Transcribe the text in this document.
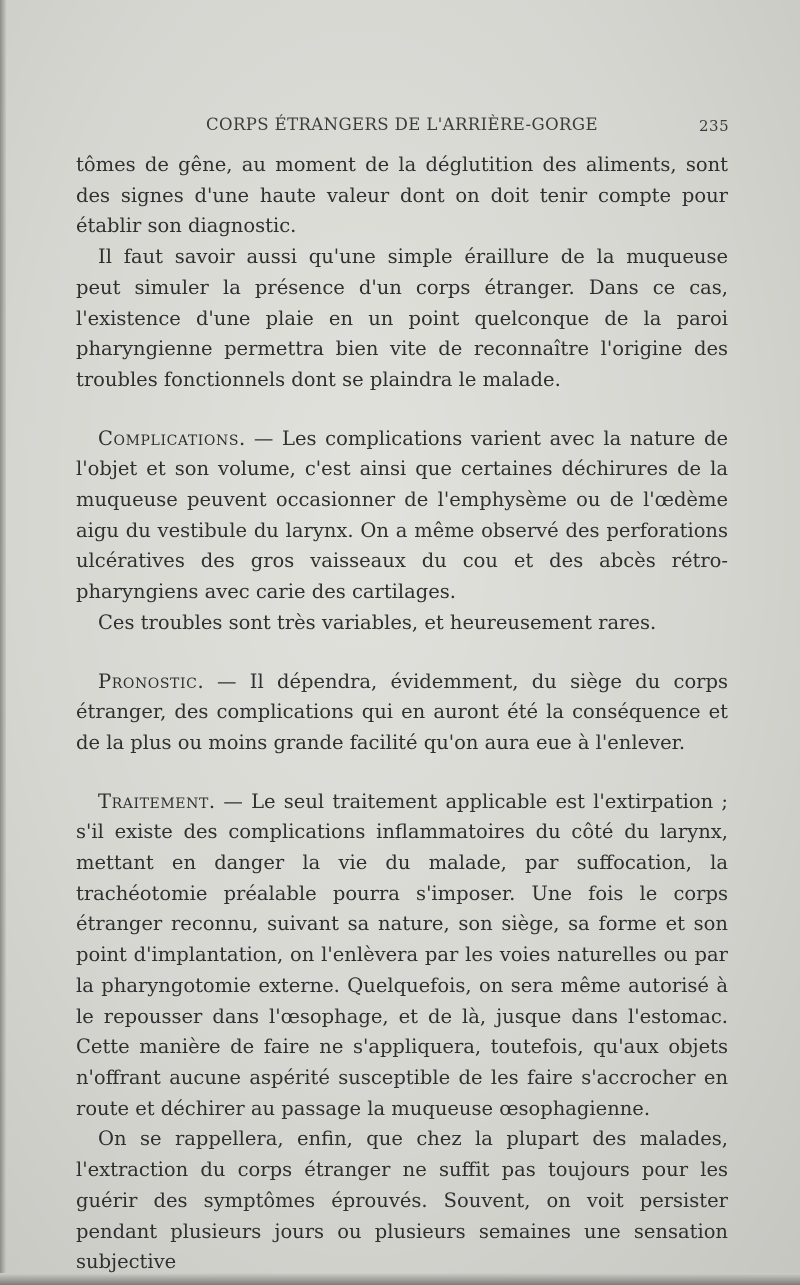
CORPS ÉTRANGERS DE L'ARRIÈRE-GORGE	235

tômes de gêne, au moment de la déglutition des aliments, sont des signes d'une haute valeur dont on doit tenir compte pour établir son diagnostic.

Il faut savoir aussi qu'une simple éraillure de la muqueuse peut simuler la présence d'un corps étranger. Dans ce cas, l'existence d'une plaie en un point quelconque de la paroi pharyngienne permettra bien vite de reconnaître l'origine des troubles fonctionnels dont se plaindra le malade.

Complications. — Les complications varient avec la nature de l'objet et son volume, c'est ainsi que certaines déchirures de la muqueuse peuvent occasionner de l'emphysème ou de l'œdème aigu du vestibule du larynx. On a même observé des perforations ulcératives des gros vaisseaux du cou et des abcès rétro-pharyngiens avec carie des cartilages.

Ces troubles sont très variables, et heureusement rares.

Pronostic. — Il dépendra, évidemment, du siège du corps étranger, des complications qui en auront été la conséquence et de la plus ou moins grande facilité qu'on aura eue à l'enlever.

Traitement. — Le seul traitement applicable est l'extirpation ; s'il existe des complications inflammatoires du côté du larynx, mettant en danger la vie du malade, par suffocation, la trachéotomie préalable pourra s'imposer. Une fois le corps étranger reconnu, suivant sa nature, son siège, sa forme et son point d'implantation, on l'enlèvera par les voies naturelles ou par la pharyngotomie externe. Quelquefois, on sera même autorisé à le repousser dans l'œsophage, et de là, jusque dans l'estomac. Cette manière de faire ne s'appliquera, toutefois, qu'aux objets n'offrant aucune aspérité susceptible de les faire s'accrocher en route et déchirer au passage la muqueuse œsophagienne.

On se rappellera, enfin, que chez la plupart des malades, l'extraction du corps étranger ne suffit pas toujours pour les guérir des symptômes éprouvés. Souvent, on voit persister pendant plusieurs jours ou plusieurs semaines une sensation subjective
